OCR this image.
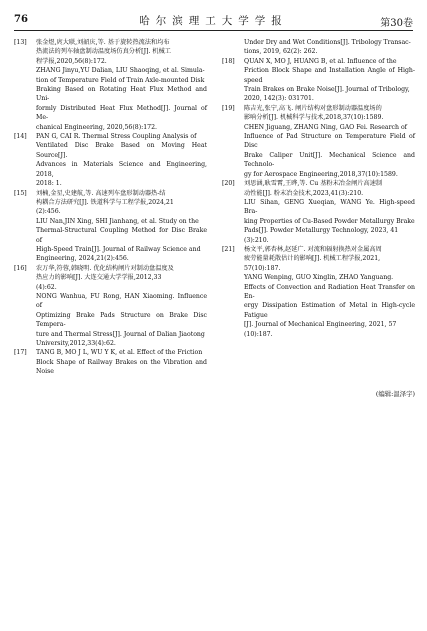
76	哈尔滨理工大学学报	第30卷
[13]	张金煜,庹大联,刘韶庆,等. 基于旋转热流法和均布
热流法的列车轴盘制动温度场仿真分析[J]. 机械工
程学报,2020,56(8):172.
ZHANG Jinyu,YU Dalian, LIU Shaoqing, et al. Simula-
tion of Temperature Field of Train Axle-mounted Disk
Braking Based on Rotating Heat Flux Method and Uni-
formly Distributed Heat Flux Method[J]. Journal of Me-
chanical Engineering, 2020,56(8):172.
[14]	PAN G, CAI R. Thermal Stress Coupling Analysis of
Ventilated Disc Brake Based on Moving Heat Source[J].
Advances in Materials Science and Engineering, 2018,
2018: 1.
[15]	刘楠,金星,史建航,等. 高速列车盘形制动器热-结
构耦合方法研究[J]. 铁道科学与工程学报,2024,21
(2):456.
LIU Nan,JIN Xing, SHI Jianhang, et al. Study on the
Thermal-Structural Coupling Method for Disc Brake of
High-Speed Train[J]. Journal of Railway Science and
Engineering, 2024,21(2):456.
[16]	农万华,符蓉,韩晓明. 优化结构闸片对制动盘温度及
热应力的影响[J]. 大连交通大学学报,2012,33
(4):62.
NONG Wanhua, FU Rong, HAN Xiaoming. Influence of
Optimizing Brake Pads Structure on Brake Disc Tempera-
ture and Thermal Stress[J]. Journal of Dalian Jiaotong
University,2012,33(4):62.
[17]	TANG B, MO J L, WU Y K, et al. Effect of the Friction
Block Shape of Railway Brakes on the Vibration and Noise
Under Dry and Wet Conditions[J]. Tribology Transac-
tions, 2019, 62(2): 262.
[18]	QUAN X, MO J, HUANG B, et al. Influence of the
Friction Block Shape and Installation Angle of High-speed
Train Brakes on Brake Noise[J]. Journal of Tribology,
2020, 142(3): 031701.
[19]	陈吉光,张宁,高飞. 闸片结构对盘形制动器温度场的
影响分析[J]. 机械科学与技术,2018,37(10):1589.
CHEN Jiguang, ZHANG Ning, GAO Fei. Research of
Influence of Pad Structure on Temperature Field of Disc
Brake Caliper Unit[J]. Mechanical Science and Technolo-
gy for Aerospace Engineering,2018,37(10):1589.
[20]	刘思涵,耿雪霄,王晔,等. Cu 基粉末冶金闸片高速制
动性能[J]. 粉末冶金技术,2023,41(3):210.
LIU Sihan, GENG Xueqian, WANG Ye. High-speed Bra-
king Properties of Cu-Based Powder Metallurgy Brake
Pads[J]. Powder Metallurgy Technology, 2023, 41
(3):210.
[21]	杨文平,郭杏林,赵延广. 对流和辐射换热对金属高周
疲劳能量耗散估计的影响[J]. 机械工程学报,2021,
57(10):187.
YANG Wenping, GUO Xinglin, ZHAO Yanguang.
Effects of Convection and Radiation Heat Transfer on En-
ergy Dissipation Estimation of Metal in High-cycle Fatigue
[J]. Journal of Mechanical Engineering, 2021, 57
(10):187.
(编辑:温泽宇)
